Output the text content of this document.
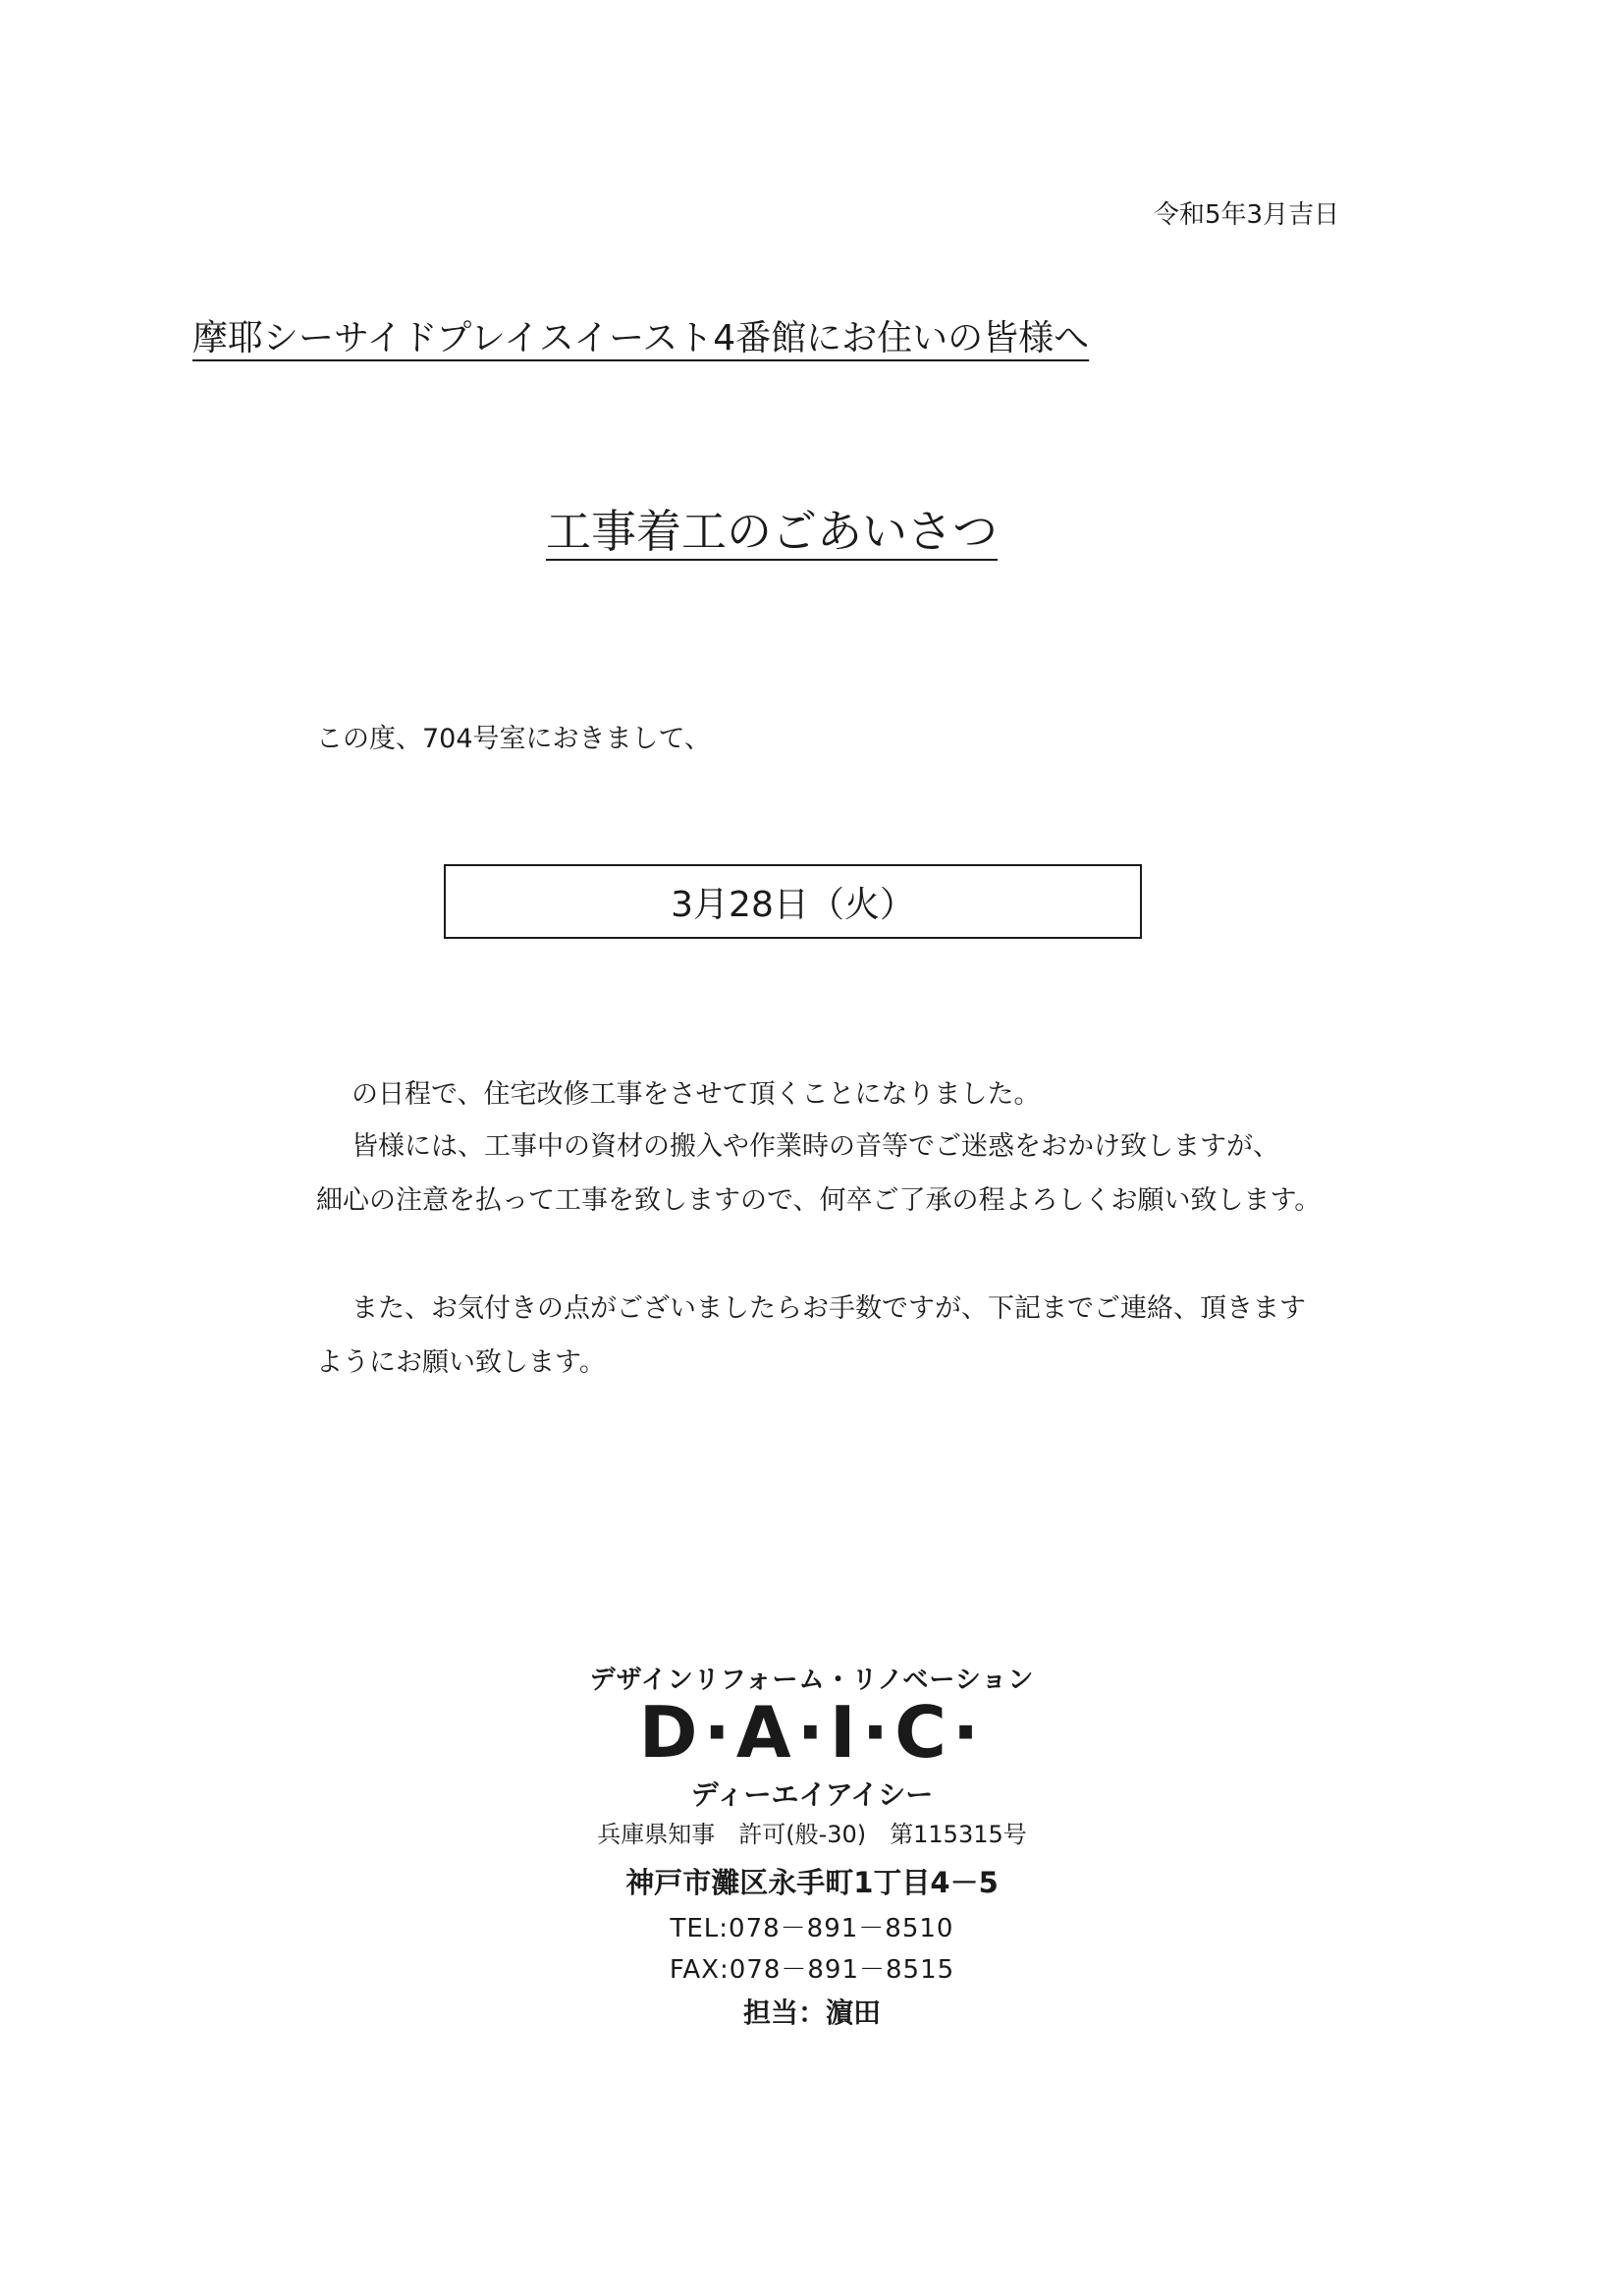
令和5年3月吉日
摩耶シーサイドプレイスイースト4番館にお住いの皆様へ
工事着工のごあいさつ
この度、704号室におきまして、
3月28日（火）
の日程で、住宅改修工事をさせて頂くことになりました。
皆様には、工事中の資材の搬入や作業時の音等でご迷惑をおかけ致しますが、
細心の注意を払って工事を致しますので、何卒ご了承の程よろしくお願い致します。
また、お気付きの点がございましたらお手数ですが、下記までご連絡、頂きます
ようにお願い致します。
デザインリフォーム・リノベーション
D·A·I·C·
ディーエイアイシー
兵庫県知事　許可(般-30)　第115315号
神戸市灘区永手町1丁目4－5
TEL:078－891－8510
FAX:078－891－8515
担当：濵田
